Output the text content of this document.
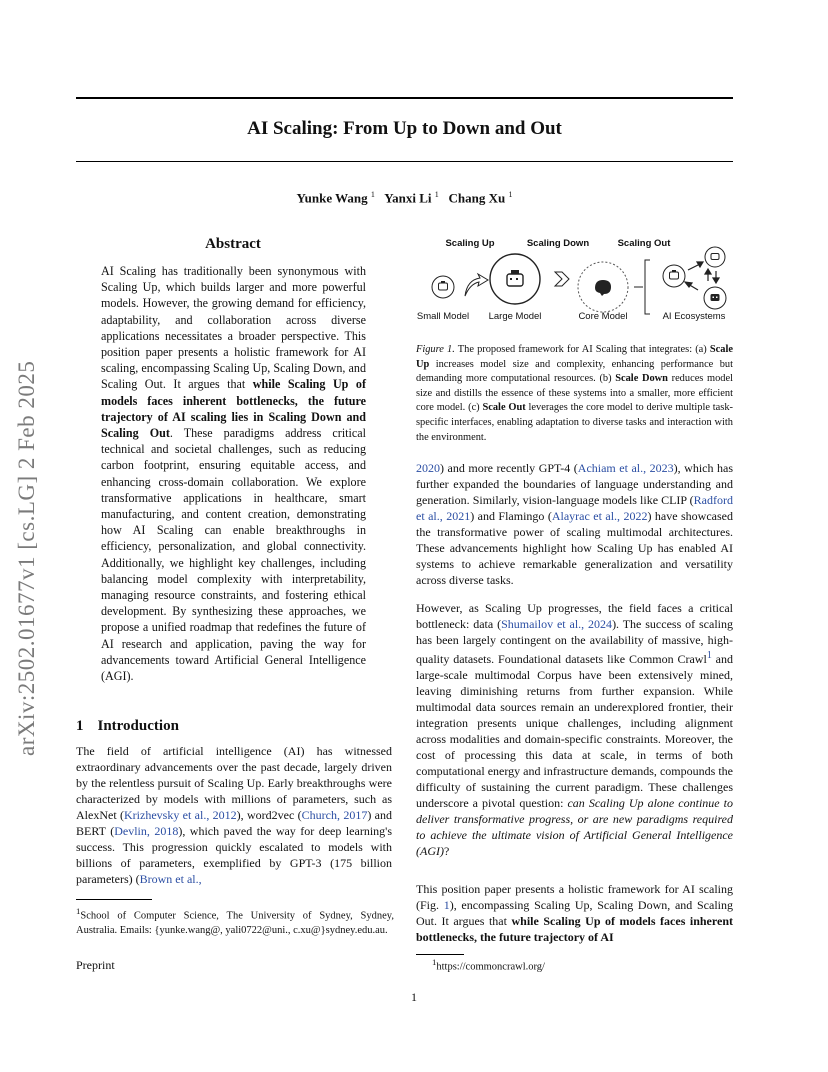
arXiv:2502.01677v1 [cs.LG] 2 Feb 2025
AI Scaling: From Up to Down and Out
Yunke Wang $^1$ Yanxi Li $^1$ Chang Xu $^1$
Abstract
AI Scaling has traditionally been synonymous with Scaling Up, which builds larger and more powerful models. However, the growing demand for efficiency, adaptability, and collaboration across diverse applications necessitates a broader perspective. This position paper presents a holistic framework for AI scaling, encompassing Scaling Up, Scaling Down, and Scaling Out. It argues that while Scaling Up of models faces inherent bottlenecks, the future trajectory of AI scaling lies in Scaling Down and Scaling Out. These paradigms address critical technical and societal challenges, such as reducing carbon footprint, ensuring equitable access, and enhancing cross-domain collaboration. We explore transformative applications in healthcare, smart manufacturing, and content creation, demonstrating how AI Scaling can enable breakthroughs in efficiency, personalization, and global connectivity. Additionally, we highlight key challenges, including balancing model complexity with interpretability, managing resource constraints, and fostering ethical development. By synthesizing these approaches, we propose a unified roadmap that redefines the future of AI research and application, paving the way for advancements toward Artificial General Intelligence (AGI).
1 Introduction
The field of artificial intelligence (AI) has witnessed extraordinary advancements over the past decade, largely driven by the relentless pursuit of Scaling Up. Early breakthroughs were characterized by models with millions of parameters, such as AlexNet (Krizhevsky et al., 2012), word2vec (Church, 2017) and BERT (Devlin, 2018), which paved the way for deep learning's success. This progression quickly escalated to models with billions of parameters, exemplified by GPT-3 (175 billion parameters) (Brown et al.,
$^1$School of Computer Science, The University of Sydney, Sydney, Australia. Emails: {yunke.wang@, yali0722@uni., c.xu@}sydney.edu.au.
Preprint
1
Scaling Up	Scaling Down	Scaling Out
Small Model Large Model	Core Model	AI Ecosystems
Figure 1. The proposed framework for AI Scaling that integrates: (a) Scale Up increases model size and complexity, enhancing performance but demanding more computational resources. (b) Scale Down reduces model size and distills the essence of these systems into a smaller, more efficient core model. (c) Scale Out leverages the core model to derive multiple task-specific interfaces, enabling adaptation to diverse tasks and interaction with the environment.
2020) and more recently GPT-4 (Achiam et al., 2023), which has further expanded the boundaries of language understanding and generation. Similarly, vision-language models like CLIP (Radford et al., 2021) and Flamingo (Alayrac et al., 2022) have showcased the transformative power of scaling multimodal architectures. These advancements highlight how Scaling Up has enabled AI systems to achieve remarkable generalization and versatility across diverse tasks.
However, as Scaling Up progresses, the field faces a critical bottleneck: data (Shumailov et al., 2024). The success of scaling has been largely contingent on the availability of massive, high-quality datasets. Foundational datasets like Common Crawl$^1$ and large-scale multimodal Corpus have been extensively mined, leaving diminishing returns from further expansion. While multimodal data sources remain an underexplored frontier, their integration presents unique challenges, including alignment across modalities and domain-specific constraints. Moreover, the cost of processing this data at scale, in terms of both computational energy and infrastructure demands, compounds the difficulty of sustaining the current paradigm. These challenges underscore a pivotal question: can Scaling Up alone continue to deliver transformative progress, or are new paradigms required to achieve the ultimate vision of Artificial General Intelligence (AGI)?
This position paper presents a holistic framework for AI scaling (Fig. 1), encompassing Scaling Up, Scaling Down, and Scaling Out. It argues that while Scaling Up of models faces inherent bottlenecks, the future trajectory of AI
$^1$https://commoncrawl.org/
